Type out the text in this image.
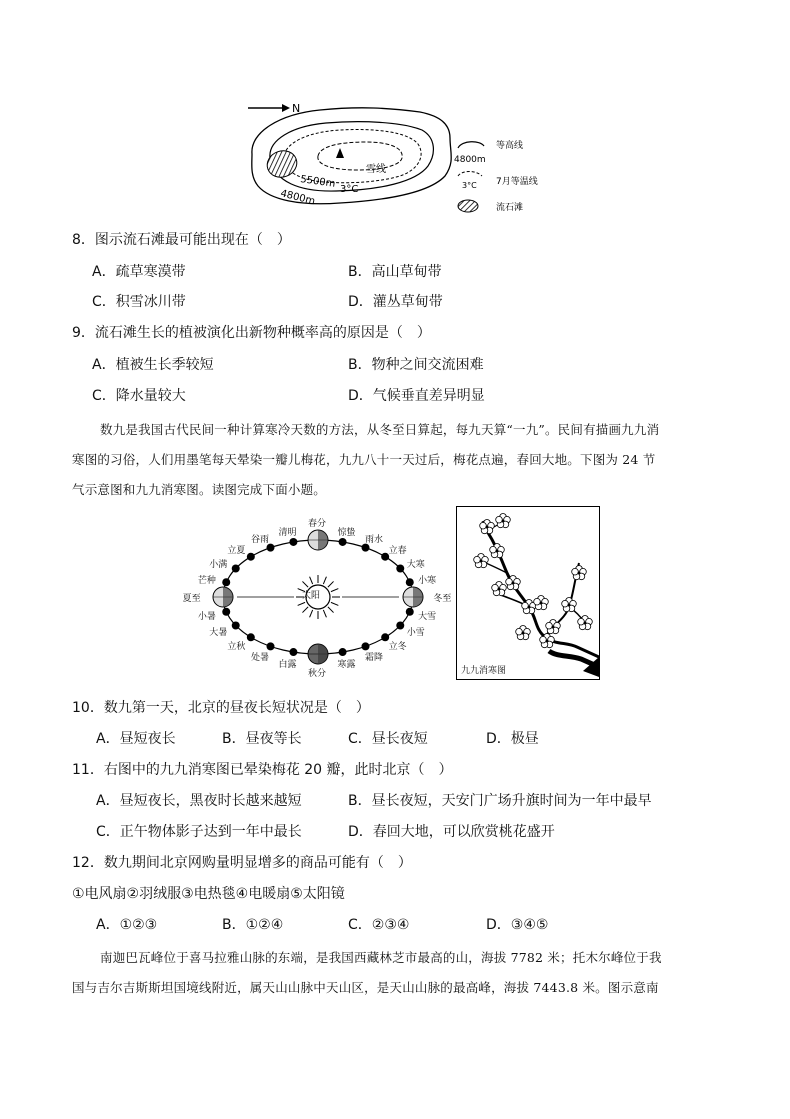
N
雪线
5500m 3°C
4800m
4800m
等高线
3°C 7月等温线
流石滩
8．图示流石滩最可能出现在（　）
A．疏草寒漠带	B．高山草甸带
C．积雪冰川带	D．灌丛草甸带
9．流石滩生长的植被演化出新物种概率高的原因是（　）
A．植被生长季较短	B．物种之间交流困难
C．降水量较大	D．气候垂直差异明显
数九是我国古代民间一种计算寒冷天数的方法，从冬至日算起，每九天算“一九”。民间有描画九九消
寒图的习俗，人们用墨笔每天晕染一瓣儿梅花，九九八十一天过后，梅花点遍，春回大地。下图为 24 节
气示意图和九九消寒图。读图完成下面小题。
太阳
春分
惊蛰
雨水
立春
大寒
小寒
冬至
大雪
小雪
立冬
霜降
寒露
秋分
白露
处暑
立秋
大暑
小暑
夏至
芒种
小满
立夏
谷雨
清明
九九消寒图
10．数九第一天，北京的昼夜长短状况是（　）
A．昼短夜长	B．昼夜等长	C．昼长夜短	D．极昼
11．右图中的九九消寒图已晕染梅花 20 瓣，此时北京（　）
A．昼短夜长，黑夜时长越来越短	B．昼长夜短，天安门广场升旗时间为一年中最早
C．正午物体影子达到一年中最长	D．春回大地，可以欣赏桃花盛开
12．数九期间北京网购量明显增多的商品可能有（　）
①电风扇②羽绒服③电热毯④电暖扇⑤太阳镜
A．①②③	B．①②④	C．②③④	D．③④⑤
南迦巴瓦峰位于喜马拉雅山脉的东端，是我国西藏林芝市最高的山，海拔 7782 米；托木尔峰位于我
国与吉尔吉斯斯坦国境线附近，属天山山脉中天山区，是天山山脉的最高峰，海拔 7443.8 米。图示意南
